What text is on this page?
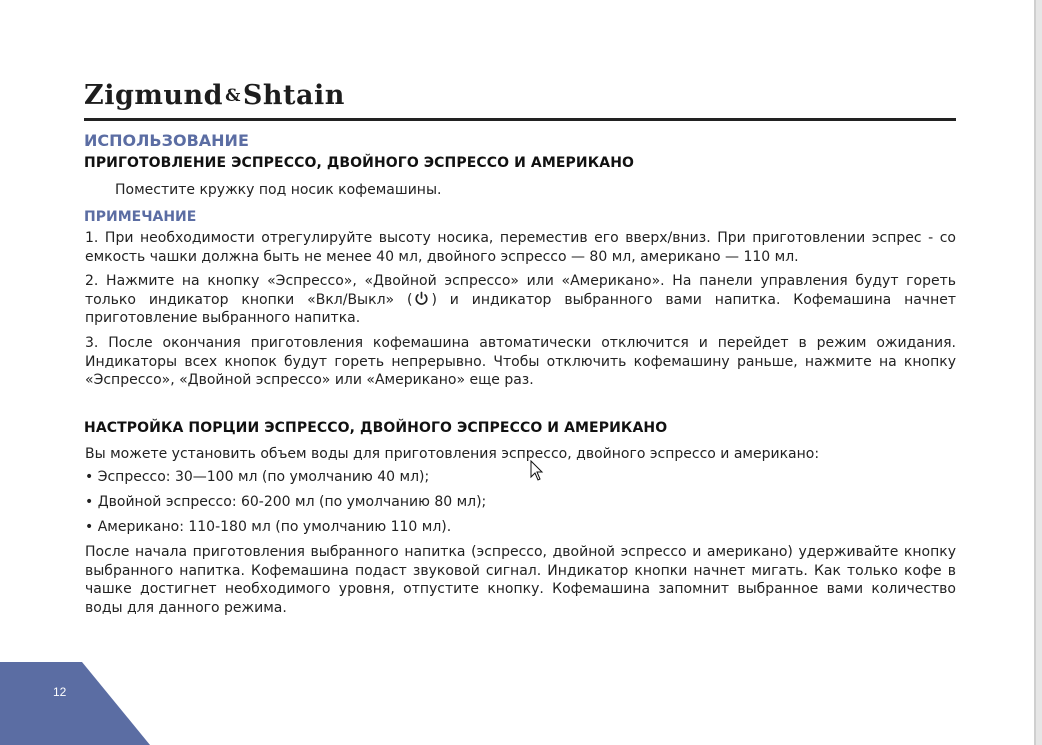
Zigmund &Shtain
ИСПОЛЬЗОВАНИЕ
ПРИГОТОВЛЕНИЕ ЭСПРЕССО, ДВОЙНОГО ЭСПРЕССО И АМЕРИКАНО
Поместите кружку под носик кофемашины.
ПРИМЕЧАНИЕ
1. При необходимости отрегулируйте высоту носика, переместив его вверх/вниз. При приготовлении эспрес - со емкость чашки должна быть не менее 40 мл, двойного эспрессо — 80 мл, американо — 110 мл.
2. Нажмите на кнопку «Эспрессо», «Двойной эспрессо» или «Американо». На панели управления будут гореть только индикатор кнопки «Вкл/Выкл» ( ) и индикатор выбранного вами напитка. Кофемашина начнет приготовление выбранного напитка.
3. После окончания приготовления кофемашина автоматически отключится и перейдет в режим ожидания. Индикаторы всех кнопок будут гореть непрерывно. Чтобы отключить кофемашину раньше, нажмите на кнопку «Эспрессо», «Двойной эспрессо» или «Американо» еще раз.
НАСТРОЙКА ПОРЦИИ ЭСПРЕССО, ДВОЙНОГО ЭСПРЕССО И АМЕРИКАНО
Вы можете установить объем воды для приготовления эспрессо, двойного эспрессо и американо:
• Эспрессо: 30—100 мл (по умолчанию 40 мл);
• Двойной эспрессо: 60-200 мл (по умолчанию 80 мл);
• Американо: 110-180 мл (по умолчанию 110 мл).
После начала приготовления выбранного напитка (эспрессо, двойной эспрессо и американо) удерживайте кнопку выбранного напитка. Кофемашина подаст звуковой сигнал. Индикатор кнопки начнет мигать. Как только кофе в чашке достигнет необходимого уровня, отпустите кнопку. Кофемашина запомнит выбранное вами количество воды для данного режима.
12
